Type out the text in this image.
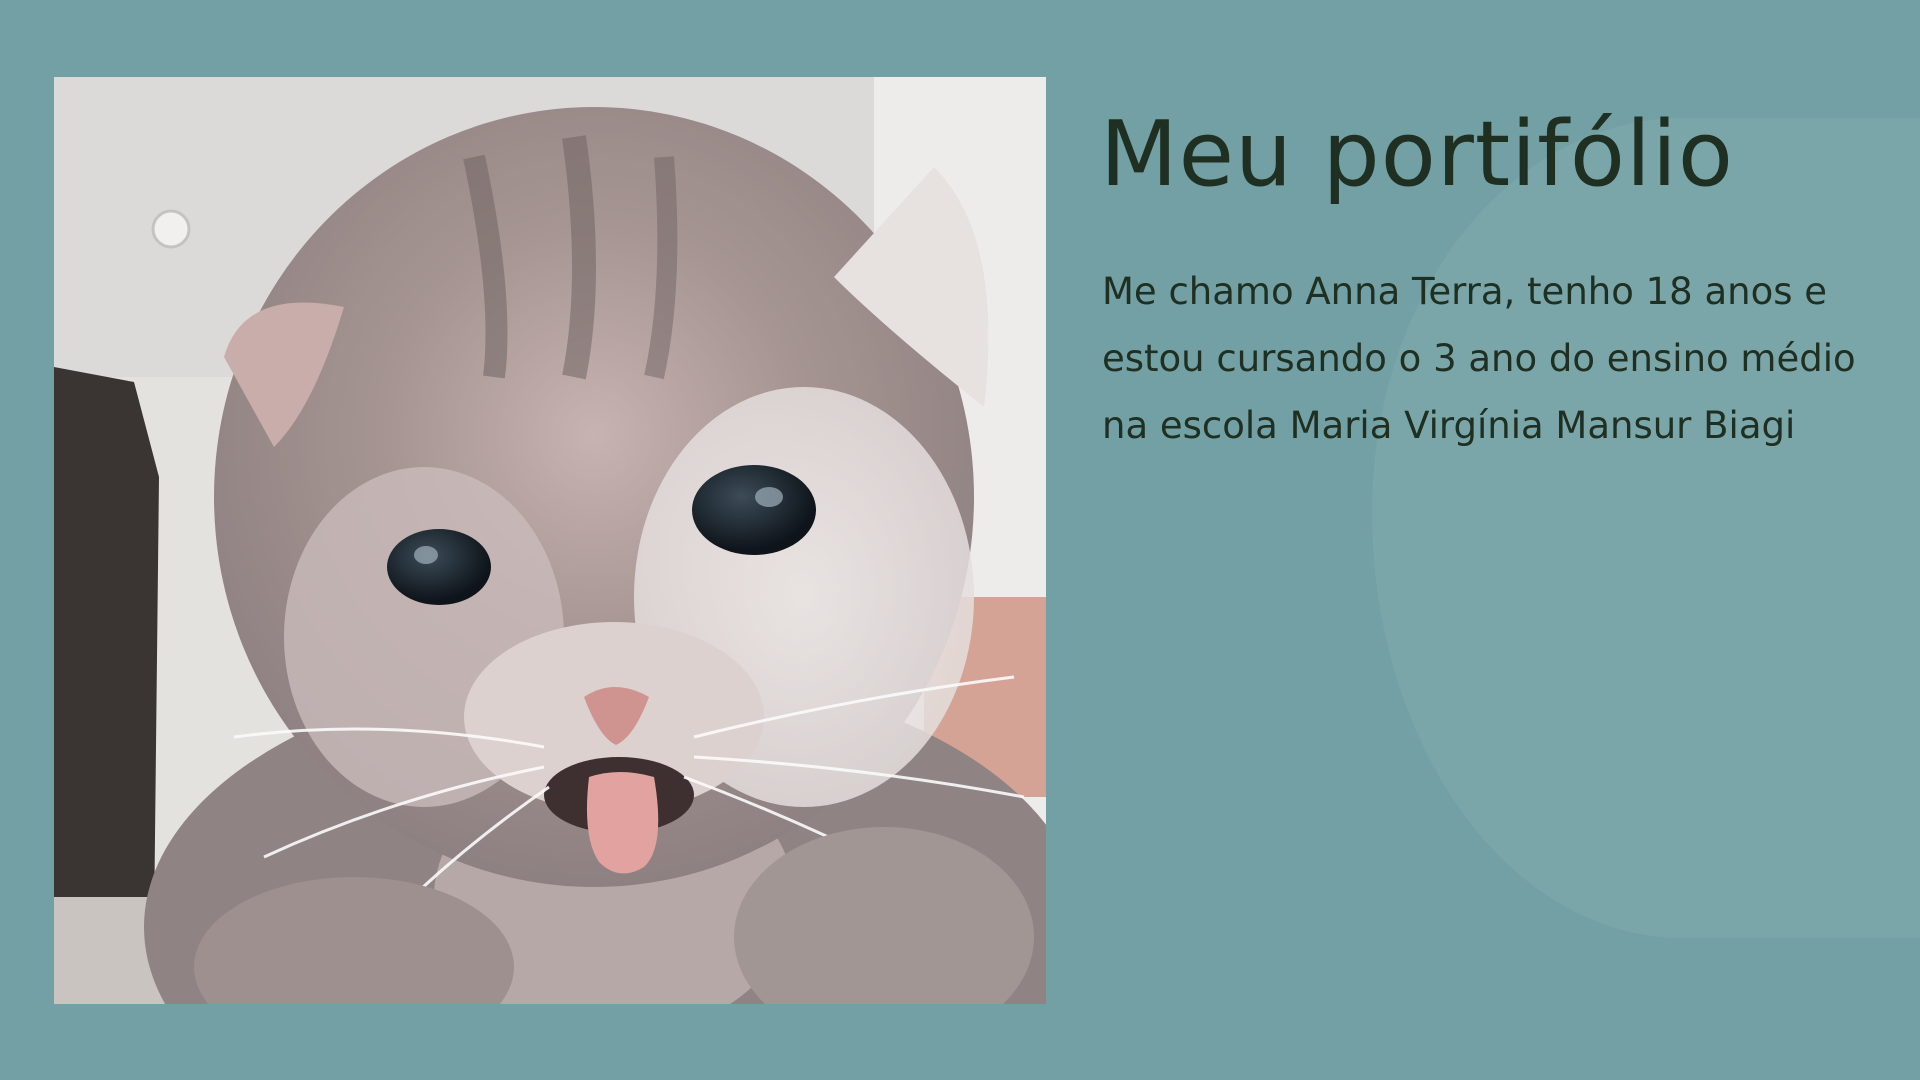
Meu portifólio

Me chamo Anna Terra, tenho 18 anos e
estou cursando o 3 ano do ensino médio
na escola Maria Virgínia Mansur Biagi
